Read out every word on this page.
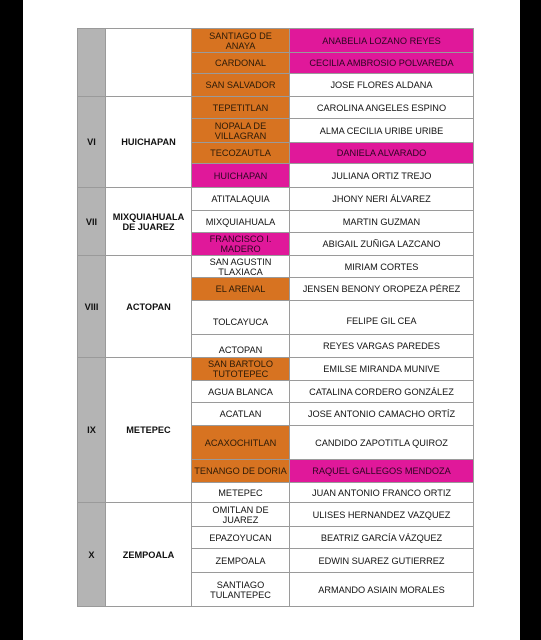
		SANTIAGO DE ANAYA	ANABELIA LOZANO REYES
		CARDONAL	CECILIA AMBROSIO POLVAREDA
		SAN SALVADOR	JOSE FLORES ALDANA
VI	HUICHAPAN	TEPETITLAN	CAROLINA ANGELES ESPINO
		NOPALA DE VILLAGRAN	ALMA CECILIA URIBE URIBE
		TECOZAUTLA	DANIELA ALVARADO
		HUICHAPAN	JULIANA ORTIZ TREJO
VII	MIXQUIAHUALA DE JUAREZ	ATITALAQUIA	JHONY NERI ÁLVAREZ
		MIXQUIAHUALA	MARTIN GUZMAN
		FRANCISCO I. MADERO	ABIGAIL ZUÑIGA LAZCANO
VIII	ACTOPAN	SAN AGUSTIN TLAXIACA	MIRIAM CORTES
		EL ARENAL	JENSEN BENONY OROPEZA PÉREZ
		TOLCAYUCA	FELIPE GIL CEA
		ACTOPAN	REYES VARGAS PAREDES
IX	METEPEC	SAN BARTOLO TUTOTEPEC	EMILSE MIRANDA MUNIVE
		AGUA BLANCA	CATALINA CORDERO GONZÁLEZ
		ACATLAN	JOSE ANTONIO CAMACHO ORTÍZ
		ACAXOCHITLAN	CANDIDO ZAPOTITLA QUIROZ
		TENANGO DE DORIA	RAQUEL GALLEGOS MENDOZA
		METEPEC	JUAN ANTONIO FRANCO ORTIZ
X	ZEMPOALA	OMITLAN DE JUAREZ	ULISES HERNANDEZ VAZQUEZ
		EPAZOYUCAN	BEATRIZ GARCÍA VÁZQUEZ
		ZEMPOALA	EDWIN SUAREZ GUTIERREZ
		SANTIAGO TULANTEPEC	ARMANDO ASIAIN MORALES
